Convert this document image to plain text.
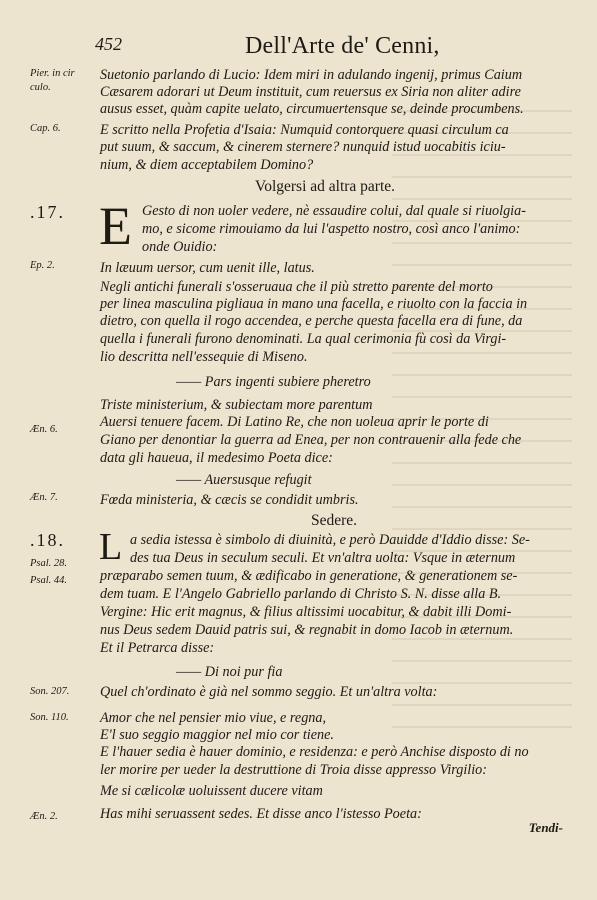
452	Dell'Arte de' Cenni,
Pier. in cir
culo.
Cap. 6.
.17.
Ep. 2.
Æn. 6.
Æn. 7.
.18.
Psal. 28.
Psal. 44.
Son. 207.
Son. 110.
Æn. 2.
E
L
Suetonio parlando di Lucio: Idem miri in adulando ingenij, primus Caium
Cæsarem adorari ut Deum instituit, cum reuersus ex Siria non aliter adire
ausus esset, quàm capite uelato, circumuertensque se, deinde procumbens.
E scritto nella Profetia d'Isaia: Numquid contorquere quasi circulum ca
put suum, & saccum, & cinerem sternere? nunquid istud uocabitis iciu-
nium, & diem acceptabilem Domino?
Volgersi ad altra parte.
Gesto di non uoler vedere, nè essaudire colui, dal quale si riuolgia-
mo, e sicome rimouiamo da lui l'aspetto nostro, così anco l'animo:
onde Ouidio:
In læuum uersor, cum uenit ille, latus.
Negli antichi funerali s'osseruaua che il più stretto parente del morto
per linea masculina pigliaua in mano una facella, e riuolto con la faccia in
dietro, con quella il rogo accendea, e perche questa facella era di fune, da
quella i funerali furono denominati. La qual cerimonia fù così da Virgi-
lio descritta nell'essequie di Miseno.
—— Pars ingenti subiere pheretro
Triste ministerium, & subiectam more parentum
Auersi tenuere facem. Di Latino Re, che non uoleua aprir le porte di
Giano per denontiar la guerra ad Enea, per non contrauenir alla fede che
data gli haueua, il medesimo Poeta dice:
—— Auersusque refugit
Fœda ministeria, & cæcis se condidit umbris.
Sedere.
a sedia istessa è simbolo di diuinità, e però Dauidde d'Iddio disse: Se-
des tua Deus in seculum seculi. Et vn'altra uolta: Vsque in æternum
præparabo semen tuum, & ædificabo in generatione, & generationem se-
dem tuam. E l'Angelo Gabriello parlando di Christo S. N. disse alla B.
Vergine: Hic erit magnus, & filius altissimi uocabitur, & dabit illi Domi-
nus Deus sedem Dauid patris sui, & regnabit in domo Iacob in æternum.
Et il Petrarca disse:
—— Di noi pur fia
Quel ch'ordinato è già nel sommo seggio. Et un'altra volta:
Amor che nel pensier mio viue, e regna,
E'l suo seggio maggior nel mio cor tiene.
E l'hauer sedia è hauer dominio, e residenza: e però Anchise disposto di no
ler morire per ueder la destruttione di Troia disse appresso Virgilio:
Me si cælicolæ uoluissent ducere vitam
Has mihi seruassent sedes. Et disse anco l'istesso Poeta:
Tendi-
